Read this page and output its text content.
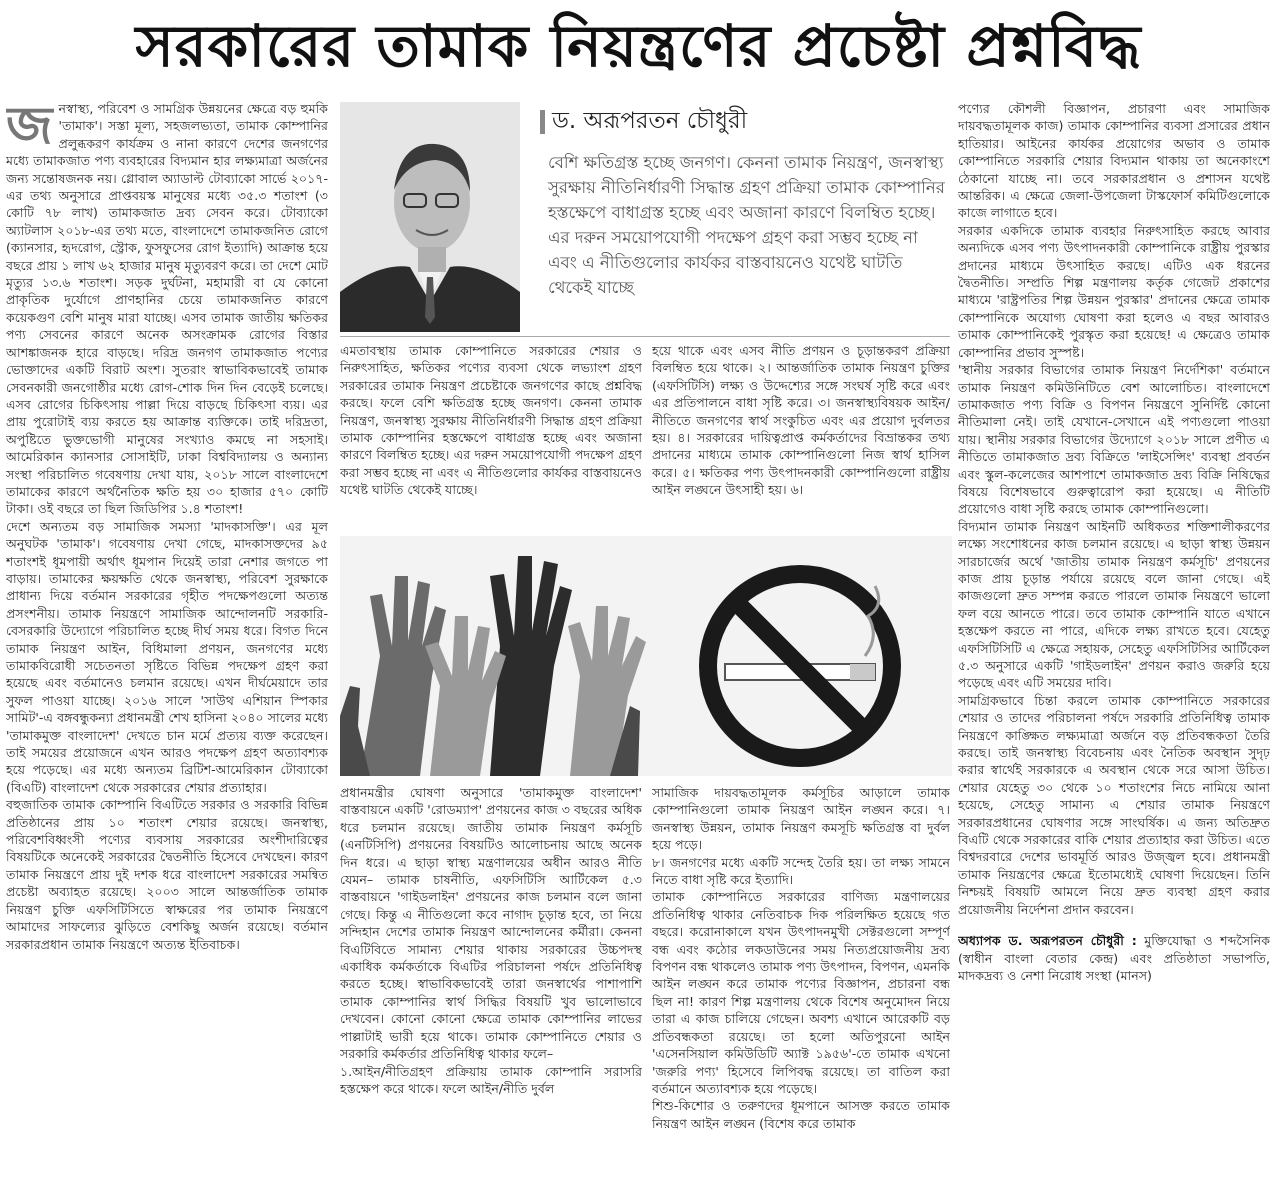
সরকারের তামাক নিয়ন্ত্রণের প্রচেষ্টা প্রশ্নবিদ্ধ

জনস্বাস্থ্য, পরিবেশ ও সামগ্রিক উন্নয়নের ক্ষেত্রে বড় হুমকি 'তামাক'। সস্তা মূল্য, সহজলভ্যতা, তামাক কোম্পানির প্রলুব্ধকরণ কার্যক্রম ও নানা কারণে দেশের জনগণের মধ্যে তামাকজাত পণ্য ব্যবহারের বিদ্যমান হার লক্ষ্যমাত্রা অর্জনের জন্য সন্তোষজনক নয়। গ্লোবাল অ্যাডাল্ট টোব্যাকো সার্ভে ২০১৭-এর তথ্য অনুসারে প্রাপ্তবয়স্ক মানুষের মধ্যে ৩৫.৩ শতাংশ (৩ কোটি ৭৮ লাখ) তামাকজাত দ্রব্য সেবন করে। টোব্যাকো অ্যাটলাস ২০১৮-এর তথ্য মতে, বাংলাদেশে তামাকজনিত রোগে (ক্যানসার, হৃদরোগ, স্ট্রোক, ফুসফুসের রোগ ইত্যাদি) আক্রান্ত হয়ে বছরে প্রায় ১ লাখ ৬২ হাজার মানুষ মৃত্যুবরণ করে। তা দেশে মোট মৃত্যুর ১৩.৬ শতাংশ। সড়ক দুর্ঘটনা, মহামারী বা যে কোনো প্রাকৃতিক দুর্যোগে প্রাণহানির চেয়ে তামাকজনিত কারণে কয়েকগুণ বেশি মানুষ মারা যাচ্ছে। এসব তামাক জাতীয় ক্ষতিকর পণ্য সেবনের কারণে অনেক অসংক্রামক রোগের বিস্তার আশঙ্কাজনক হারে বাড়ছে। দরিদ্র জনগণ তামাকজাত পণ্যের ভোক্তাদের একটি বিরাট অংশ। সুতরাং স্বাভাবিকভাবেই তামাক সেবনকারী জনগোষ্ঠীর মধ্যে রোগ-শোক দিন দিন বেড়েই চলেছে। এসব রোগের চিকিৎসায় পাল্লা দিয়ে বাড়ছে চিকিৎসা ব্যয়। এর প্রায় পুরোটাই ব্যয় করতে হয় আক্রান্ত ব্যক্তিকে। তাই দরিদ্রতা, অপুষ্টিতে ভুক্তভোগী মানুষের সংখ্যাও কমছে না সহসাই। আমেরিকান ক্যানসার সোসাইটি, ঢাকা বিশ্ববিদ্যালয় ও অন্যান্য সংস্থা পরিচালিত গবেষণায় দেখা যায়, ২০১৮ সালে বাংলাদেশে তামাকের কারণে অর্থনৈতিক ক্ষতি হয় ৩০ হাজার ৫৭০ কোটি টাকা। ওই বছরে তা ছিল জিডিপির ১.৪ শতাংশ!

দেশে অন্যতম বড় সামাজিক সমস্যা 'মাদকাসক্তি'। এর মূল অনুঘটক 'তামাক'। গবেষণায় দেখা গেছে, মাদকাসক্তদের ৯৫ শতাংশই ধূমপায়ী অর্থাৎ ধূমপান দিয়েই তারা নেশার জগতে পা বাড়ায়। তামাকের ক্ষয়ক্ষতি থেকে জনস্বাস্থ্য, পরিবেশ সুরক্ষাকে প্রাধান্য দিয়ে বর্তমান সরকারের গৃহীত পদক্ষেপগুলো অত্যন্ত প্রসংশনীয়। তামাক নিয়ন্ত্রণে সামাজিক আন্দোলনটি সরকারি-বেসরকারি উদ্যোগে পরিচালিত হচ্ছে দীর্ঘ সময় ধরে। বিগত দিনে তামাক নিয়ন্ত্রণ আইন, বিধিমালা প্রণয়ন, জনগণের মধ্যে তামাকবিরোধী সচেতনতা সৃষ্টিতে বিভিন্ন পদক্ষেপ গ্রহণ করা হয়েছে এবং বর্তমানেও চলমান রয়েছে। এখন দীর্ঘমেয়াদে তার সুফল পাওয়া যাচ্ছে। ২০১৬ সালে 'সাউথ এশিয়ান স্পিকার সামিট'-এ বঙ্গবন্ধুকন্যা প্রধানমন্ত্রী শেখ হাসিনা ২০৪০ সালের মধ্যে 'তামাকমুক্ত বাংলাদেশ' দেখতে চান মর্মে প্রত্যয় ব্যক্ত করেছেন। তাই সময়ের প্রয়োজনে এখন আরও পদক্ষেপ গ্রহণ অত্যাবশ্যক হয়ে পড়েছে। এর মধ্যে অন্যতম ব্রিটিশ-আমেরিকান টোব্যাকো (বিএটি) বাংলাদেশ থেকে সরকারের শেয়ার প্রত্যাহার।

বহুজাতিক তামাক কোম্পানি বিএটিতে সরকার ও সরকারি বিভিন্ন প্রতিষ্ঠানের প্রায় ১০ শতাংশ শেয়ার রয়েছে। জনস্বাস্থ্য, পরিবেশবিধ্বংসী পণ্যের ব্যবসায় সরকারের অংশীদারিত্বের বিষয়টিকে অনেকেই সরকারের দ্বৈতনীতি হিসেবে দেখছেন। কারণ তামাক নিয়ন্ত্রণে প্রায় দুই দশক ধরে বাংলাদেশ সরকারের সমন্বিত প্রচেষ্টা অব্যাহত রয়েছে। ২০০৩ সালে আন্তর্জাতিক তামাক নিয়ন্ত্রণ চুক্তি এফসিটিসিতে স্বাক্ষরের পর তামাক নিয়ন্ত্রণে আমাদের সাফল্যের ঝুড়িতে বেশকিছু অর্জন রয়েছে। বর্তমান সরকারপ্রধান তামাক নিয়ন্ত্রণে অত্যন্ত ইতিবাচক।

ড. অরূপরতন চৌধুরী
বেশি ক্ষতিগ্রস্ত হচ্ছে জনগণ। কেননা তামাক নিয়ন্ত্রণ, জনস্বাস্থ্য সুরক্ষায় নীতিনির্ধারণী সিদ্ধান্ত গ্রহণ প্রক্রিয়া তামাক কোম্পানির হস্তক্ষেপে বাধাগ্রস্ত হচ্ছে এবং অজানা কারণে বিলম্বিত হচ্ছে। এর দরুন সময়োপযোগী পদক্ষেপ গ্রহণ করা সম্ভব হচ্ছে না এবং এ নীতিগুলোর কার্যকর বাস্তবায়নেও যথেষ্ট ঘাটতি থেকেই যাচ্ছে

এমতাবস্থায় তামাক কোম্পানিতে সরকারের শেয়ার ও নিরুৎসাহিত, ক্ষতিকর পণ্যের ব্যবসা থেকে লভ্যাংশ গ্রহণ সরকারের তামাক নিয়ন্ত্রণ প্রচেষ্টাকে জনগণের কাছে প্রশ্নবিদ্ধ করছে। ফলে বেশি ক্ষতিগ্রস্ত হচ্ছে জনগণ। কেননা তামাক নিয়ন্ত্রণ, জনস্বাস্থ্য সুরক্ষায় নীতিনির্ধারণী সিদ্ধান্ত গ্রহণ প্রক্রিয়া তামাক কোম্পানির হস্তক্ষেপে বাধাগ্রস্ত হচ্ছে এবং অজানা কারণে বিলম্বিত হচ্ছে। এর দরুন সময়োপযোগী পদক্ষেপ গ্রহণ করা সম্ভব হচ্ছে না এবং এ নীতিগুলোর কার্যকর বাস্তবায়নেও যথেষ্ট ঘাটতি থেকেই যাচ্ছে।

হয়ে থাকে এবং এসব নীতি প্রণয়ন ও চূড়ান্তকরণ প্রক্রিয়া বিলম্বিত হয়ে থাকে। ২। আন্তর্জাতিক তামাক নিয়ন্ত্রণ চুক্তির (এফসিটিসি) লক্ষ্য ও উদ্দেশ্যের সঙ্গে সংঘর্ষ সৃষ্টি করে এবং এর প্রতিপালনে বাধা সৃষ্টি করে। ৩। জনস্বাস্থ্যবিষয়ক আইন/নীতিতে জনগণের স্বার্থ সংকুচিত এবং এর প্রয়োগ দুর্বলতর হয়। ৪। সরকারের দায়িত্বপ্রাপ্ত কর্মকর্তাদের বিভ্রান্তকর তথ্য প্রদানের মাধ্যমে তামাক কোম্পানিগুলো নিজ স্বার্থ হাসিল করে। ৫। ক্ষতিকর পণ্য উৎপাদনকারী কোম্পানিগুলো রাষ্ট্রীয় আইন লঙ্ঘনে উৎসাহী হয়। ৬।

প্রধানমন্ত্রীর ঘোষণা অনুসারে 'তামাকমুক্ত বাংলাদেশ' বাস্তবায়নে একটি 'রোডম্যাপ' প্রণয়নের কাজ ৩ বছরের অধিক ধরে চলমান রয়েছে। জাতীয় তামাক নিয়ন্ত্রণ কর্মসূচি (এনটিসিপি) প্রণয়নের বিষয়টিও আলোচনায় আছে অনেক দিন ধরে। এ ছাড়া স্বাস্থ্য মন্ত্রণালয়ের অধীন আরও নীতি যেমন– তামাক চাষনীতি, এফসিটিসি আর্টিকেল ৫.৩ বাস্তবায়নে 'গাইডলাইন' প্রণয়নের কাজ চলমান বলে জানা গেছে। কিন্তু এ নীতিগুলো কবে নাগাদ চূড়ান্ত হবে, তা নিয়ে সন্দিহান দেশের তামাক নিয়ন্ত্রণ আন্দোলনের কর্মীরা। কেননা বিএটিবিতে সামান্য শেয়ার থাকায় সরকারের উচ্চপদস্থ একাধিক কর্মকর্তাকে বিএটির পরিচালনা পর্ষদে প্রতিনিধিত্ব করতে হচ্ছে। স্বাভাবিকভাবেই তারা জনস্বার্থের পাশাপাশি তামাক কোম্পানির স্বার্থ সিদ্ধির বিষয়টি খুব ভালোভাবে দেখবেন। কোনো কোনো ক্ষেত্রে তামাক কোম্পানির লাভের পাল্লাটাই ভারী হয়ে থাকে। তামাক কোম্পানিতে শেয়ার ও সরকারি কর্মকর্তার প্রতিনিধিত্ব থাকার ফলে–

১.আইন/নীতিগ্রহণ প্রক্রিয়ায় তামাক কোম্পানি সরাসরি হস্তক্ষেপ করে থাকে। ফলে আইন/নীতি দুর্বল

সামাজিক দায়বদ্ধতামূলক কর্মসূচির আড়ালে তামাক কোম্পানিগুলো তামাক নিয়ন্ত্রণ আইন লঙ্ঘন করে। ৭। জনস্বাস্থ্য উন্নয়ন, তামাক নিয়ন্ত্রণ কমসূচি ক্ষতিগ্রস্ত বা দুর্বল হয়ে পড়ে।

৮। জনগণের মধ্যে একটি সন্দেহ তৈরি হয়। তা লক্ষ্য সামনে নিতে বাধা সৃষ্টি করে ইত্যাদি।

তামাক কোম্পানিতে সরকারের বাণিজ্য মন্ত্রণালয়ের প্রতিনিধিত্ব থাকার নেতিবাচক দিক পরিলক্ষিত হয়েছে গত বছরে। করোনাকালে যখন উৎপাদনমুখী সেক্টরগুলো সম্পূর্ণ বন্ধ এবং কঠোর লকডাউনের সময় নিত্যপ্রয়োজনীয় দ্রব্য বিপণন বন্ধ থাকলেও তামাক পণ্য উৎপাদন, বিপণন, এমনকি আইন লঙ্ঘন করে তামাক পণ্যের বিজ্ঞাপন, প্রচারনা বন্ধ ছিল না! কারণ শিল্প মন্ত্রণালয় থেকে বিশেষ অনুমোদন নিয়ে তারা এ কাজ চালিয়ে গেছেন। অবশ্য এখানে আরেকটি বড় প্রতিবন্ধকতা রয়েছে। তা হলো অতিপুরনো আইন 'এসেনসিয়াল কমিউডিটি অ্যাক্ট ১৯৫৬'-তে তামাক এখনো 'জরুরি পণ্য' হিসেবে লিপিবদ্ধ রয়েছে। তা বাতিল করা বর্তমানে অত্যাবশ্যক হয়ে পড়েছে।

শিশু-কিশোর ও তরুণদের ধূমপানে আসক্ত করতে তামাক নিয়ন্ত্রণ আইন লঙ্ঘন (বিশেষ করে তামাক

পণ্যের কৌশলী বিজ্ঞাপন, প্রচারণা এবং সামাজিক দায়বদ্ধতামূলক কাজ) তামাক কোম্পানির ব্যবসা প্রসারের প্রধান হাতিয়ার। আইনের কার্যকর প্রয়োগের অভাব ও তামাক কোম্পানিতে সরকারি শেয়ার বিদ্যমান থাকায় তা অনেকাংশে ঠেকানো যাচ্ছে না। তবে সরকারপ্রধান ও প্রশাসন যথেষ্ট আন্তরিক। এ ক্ষেত্রে জেলা-উপজেলা টাস্কফোর্স কমিটিগুলোকে কাজে লাগাতে হবে।

সরকার একদিকে তামাক ব্যবহার নিরুৎসাহিত করছে আবার অন্যদিকে এসব পণ্য উৎপাদনকারী কোম্পানিকে রাষ্ট্রীয় পুরস্কার প্রদানের মাধ্যমে উৎসাহিত করছে। এটিও এক ধরনের দ্বৈতনীতি। সম্প্রতি শিল্প মন্ত্রণালয় কর্তৃক গেজেট প্রকাশের মাধ্যমে 'রাষ্ট্রপতির শিল্প উন্নয়ন পুরস্কার' প্রদানের ক্ষেত্রে তামাক কোম্পানিকে অযোগ্য ঘোষণা করা হলেও এ বছর আবারও তামাক কোম্পানিকেই পুরস্কৃত করা হয়েছে! এ ক্ষেত্রেও তামাক কোম্পানির প্রভাব সুস্পষ্ট।

'স্থানীয় সরকার বিভাগের তামাক নিয়ন্ত্রণ নির্দেশিকা' বর্তমানে তামাক নিয়ন্ত্রণ কমিউনিটিতে বেশ আলোচিত। বাংলাদেশে তামাকজাত পণ্য বিক্রি ও বিপণন নিয়ন্ত্রণে সুনির্দিষ্ট কোনো নীতিমালা নেই। তাই যেখানে-সেখানে এই পণ্যগুলো পাওয়া যায়। স্থানীয় সরকার বিভাগের উদ্যোগে ২০১৮ সালে প্রণীত এ নীতিতে তামাকজাত দ্রব্য বিক্রিতে 'লাইসেন্সিং' ব্যবস্থা প্রবর্তন এবং স্কুল-কলেজের আশপাশে তামাকজাত দ্রব্য বিক্রি নিষিদ্ধের বিষয়ে বিশেষভাবে গুরুত্বারোপ করা হয়েছে। এ নীতিটি প্রয়োগেও বাধা সৃষ্টি করছে তামাক কোম্পানিগুলো।

বিদ্যমান তামাক নিয়ন্ত্রণ আইনটি অধিকতর শক্তিশালীকরণের লক্ষ্যে সংশোধনের কাজ চলমান রয়েছে। এ ছাড়া স্বাস্থ্য উন্নয়ন সারচার্জের অর্থে 'জাতীয় তামাক নিয়ন্ত্রণ কর্মসূচি' প্রণয়নের কাজ প্রায় চূড়ান্ত পর্যায়ে রয়েছে বলে জানা গেছে। এই কাজগুলো দ্রুত সম্পন্ন করতে পারলে তামাক নিয়ন্ত্রণে ভালো ফল বয়ে আনতে পারে। তবে তামাক কোম্পানি যাতে এখানে হস্তক্ষেপ করতে না পারে, এদিকে লক্ষ্য রাখতে হবে। যেহেতু এফসিটিসিটি এ ক্ষেত্রে সহায়ক, সেহেতু এফসিটিসির আর্টিকেল ৫.৩ অনুসারে একটি 'গাইডলাইন' প্রণয়ন করাও জরুরি হয়ে পড়েছে এবং এটি সময়ের দাবি।

সামগ্রিকভাবে চিন্তা করলে তামাক কোম্পানিতে সরকারের শেয়ার ও তাদের পরিচালনা পর্ষদে সরকারি প্রতিনিধিত্ব তামাক নিয়ন্ত্রণে কাঙ্ক্ষিত লক্ষ্যমাত্রা অর্জনে বড় প্রতিবন্ধকতা তৈরি করছে। তাই জনস্বাস্থ্য বিবেচনায় এবং নৈতিক অবস্থান সুদৃঢ় করার স্বার্থেই সরকারকে এ অবস্থান থেকে সরে আসা উচিত। শেয়ার যেহেতু ৩০ থেকে ১০ শতাংশের নিচে নামিয়ে আনা হয়েছে, সেহেতু সামান্য এ শেয়ার তামাক নিয়ন্ত্রণে সরকারপ্রধানের ঘোষণার সঙ্গে সাংঘর্ষিক। এ জন্য অতিদ্রুত বিএটি থেকে সরকারের বাকি শেয়ার প্রত্যাহার করা উচিত। এতে বিশ্বদরবারে দেশের ভাবমূর্তি আরও উজ্জ্বল হবে। প্রধানমন্ত্রী তামাক নিয়ন্ত্রণের ক্ষেত্রে ইতোমধ্যেই ঘোষণা দিয়েছেন। তিনি নিশ্চয়ই বিষয়টি আমলে নিয়ে দ্রুত ব্যবস্থা গ্রহণ করার প্রয়োজনীয় নির্দেশনা প্রদান করবেন।

অধ্যাপক ড. অরূপরতন চৌধুরী : মুক্তিযোদ্ধা ও শব্দসৈনিক (স্বাধীন বাংলা বেতার কেন্দ্র) এবং প্রতিষ্ঠাতা সভাপতি, মাদকদ্রব্য ও নেশা নিরোধ সংস্থা (মানস)
